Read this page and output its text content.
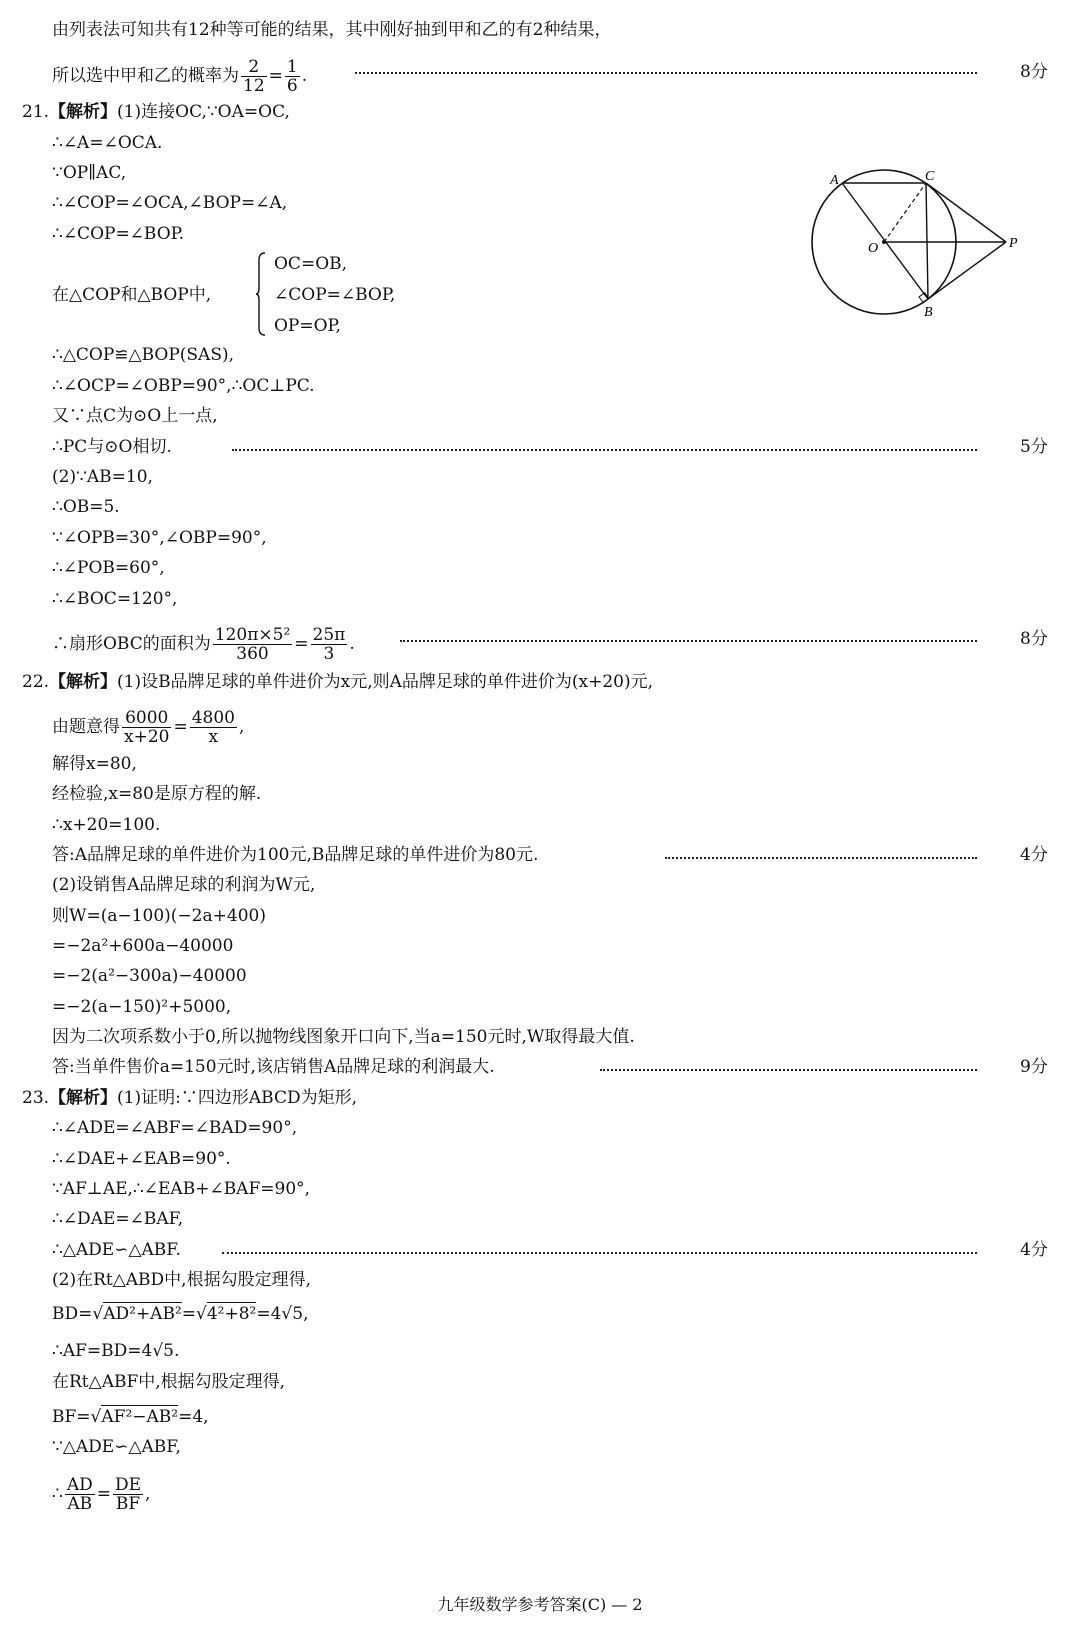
由列表法可知共有12种等可能的结果，其中刚好抽到甲和乙的有2种结果，
所以选中甲和乙的概率为 $\frac{2}{12} = \frac{1}{6}$ .	8分
21.【解析】(1)连接OC,∵OA=OC,
∴∠A=∠OCA.
∵OP∥AC,
∴∠COP=∠OCA,∠BOP=∠A,
∴∠COP=∠BOP.
在△COP和△BOP中,
OC=OB,
∠COP=∠BOP,
OP=OP,
∴△COP≌△BOP(SAS),
∴∠OCP=∠OBP=90°,∴OC⊥PC.
又∵点C为⊙O上一点,
∴PC与⊙O相切.	5分
(2)∵AB=10,
∴OB=5.
∵∠OPB=30°,∠OBP=90°,
∴∠POB=60°,
∴∠BOC=120°,
∴扇形OBC的面积为 $\frac{\text{120π×5²}}{360} = \frac{25\pi}{3}$ .	8分
22.【解析】(1)设B品牌足球的单件进价为x元,则A品牌足球的单件进价为(x+20)元,
由题意得 $\frac{6000}{x+20} = \frac{4800}{x}$ ,
解得x=80,
经检验,x=80是原方程的解.
∴x+20=100.
答:A品牌足球的单件进价为100元,B品牌足球的单件进价为80元.	4分
(2)设销售A品牌足球的利润为W元,
则W=(a−100)(−2a+400)
=−2a²+600a−40000
=−2(a²−300a)−40000
=−2(a−150)²+5000,
因为二次项系数小于0,所以抛物线图象开口向下,当a=150元时,W取得最大值.
答:当单件售价a=150元时,该店销售A品牌足球的利润最大.	9分
23.【解析】(1)证明:∵四边形ABCD为矩形,
∴∠ADE=∠ABF=∠BAD=90°,
∴∠DAE+∠EAB=90°.
∵AF⊥AE,∴∠EAB+∠BAF=90°,
∴∠DAE=∠BAF,
∴△ADE∽△ABF.	4分
(2)在Rt△ABD中,根据勾股定理得,
BD=√AD²+AB²=√4²+8²=4√5,
∴AF=BD=4√5.
在Rt△ABF中,根据勾股定理得,
BF=√AF²−AB²=4,
∵△ADE∽△ABF,
∴ $\frac{AD}{AB} = \frac{DE}{BF}$ ,
A	C
O	P
B
九年级数学参考答案(C) — 2
